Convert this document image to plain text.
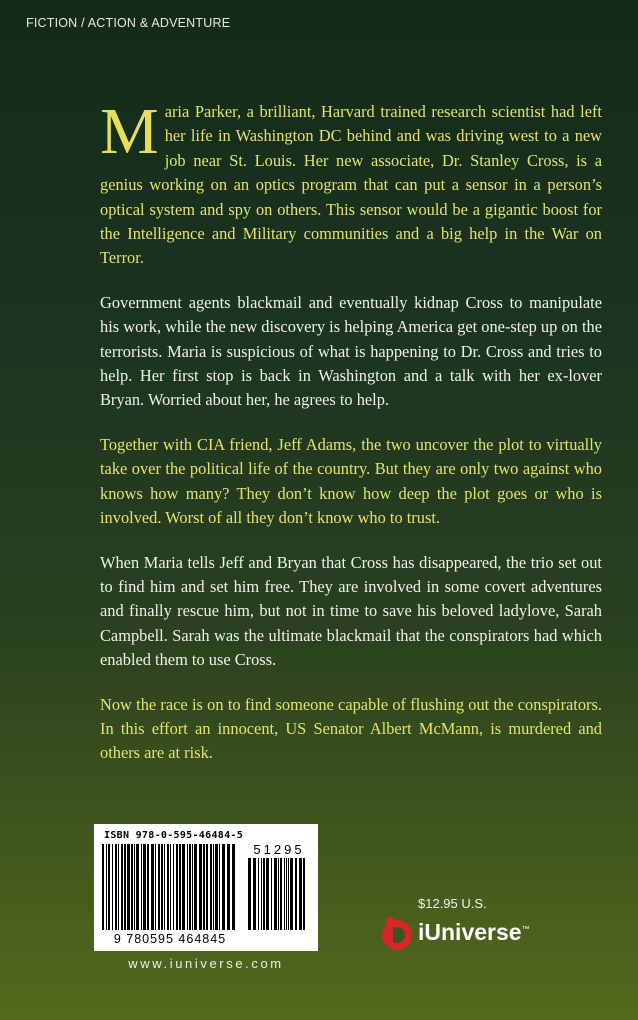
FICTION / ACTION & ADVENTURE

Maria Parker, a brilliant, Harvard trained research scientist had left her life in Washington DC behind and was driving west to a new job near St. Louis. Her new associate, Dr. Stanley Cross, is a genius working on an optics program that can put a sensor in a person’s optical system and spy on others. This sensor would be a gigantic boost for the Intelligence and Military communities and a big help in the War on Terror.

Government agents blackmail and eventually kidnap Cross to manipulate his work, while the new discovery is helping America get one-step up on the terrorists. Maria is suspicious of what is happening to Dr. Cross and tries to help. Her first stop is back in Washington and a talk with her ex-lover Bryan. Worried about her, he agrees to help.

Together with CIA friend, Jeff Adams, the two uncover the plot to virtually take over the political life of the country. But they are only two against who knows how many? They don’t know how deep the plot goes or who is involved. Worst of all they don’t know who to trust.

When Maria tells Jeff and Bryan that Cross has disappeared, the trio set out to find him and set him free. They are involved in some covert adventures and finally rescue him, but not in time to save his beloved ladylove, Sarah Campbell. Sarah was the ultimate blackmail that the conspirators had which enabled them to use Cross.

Now the race is on to find someone capable of flushing out the conspirators. In this effort an innocent, US Senator Albert McMann, is murdered and others are at risk.

ISBN 978-0-595-46484-5
51295
9 780595 464845
www.iuniverse.com
$12.95 U.S.
iUniverse™
